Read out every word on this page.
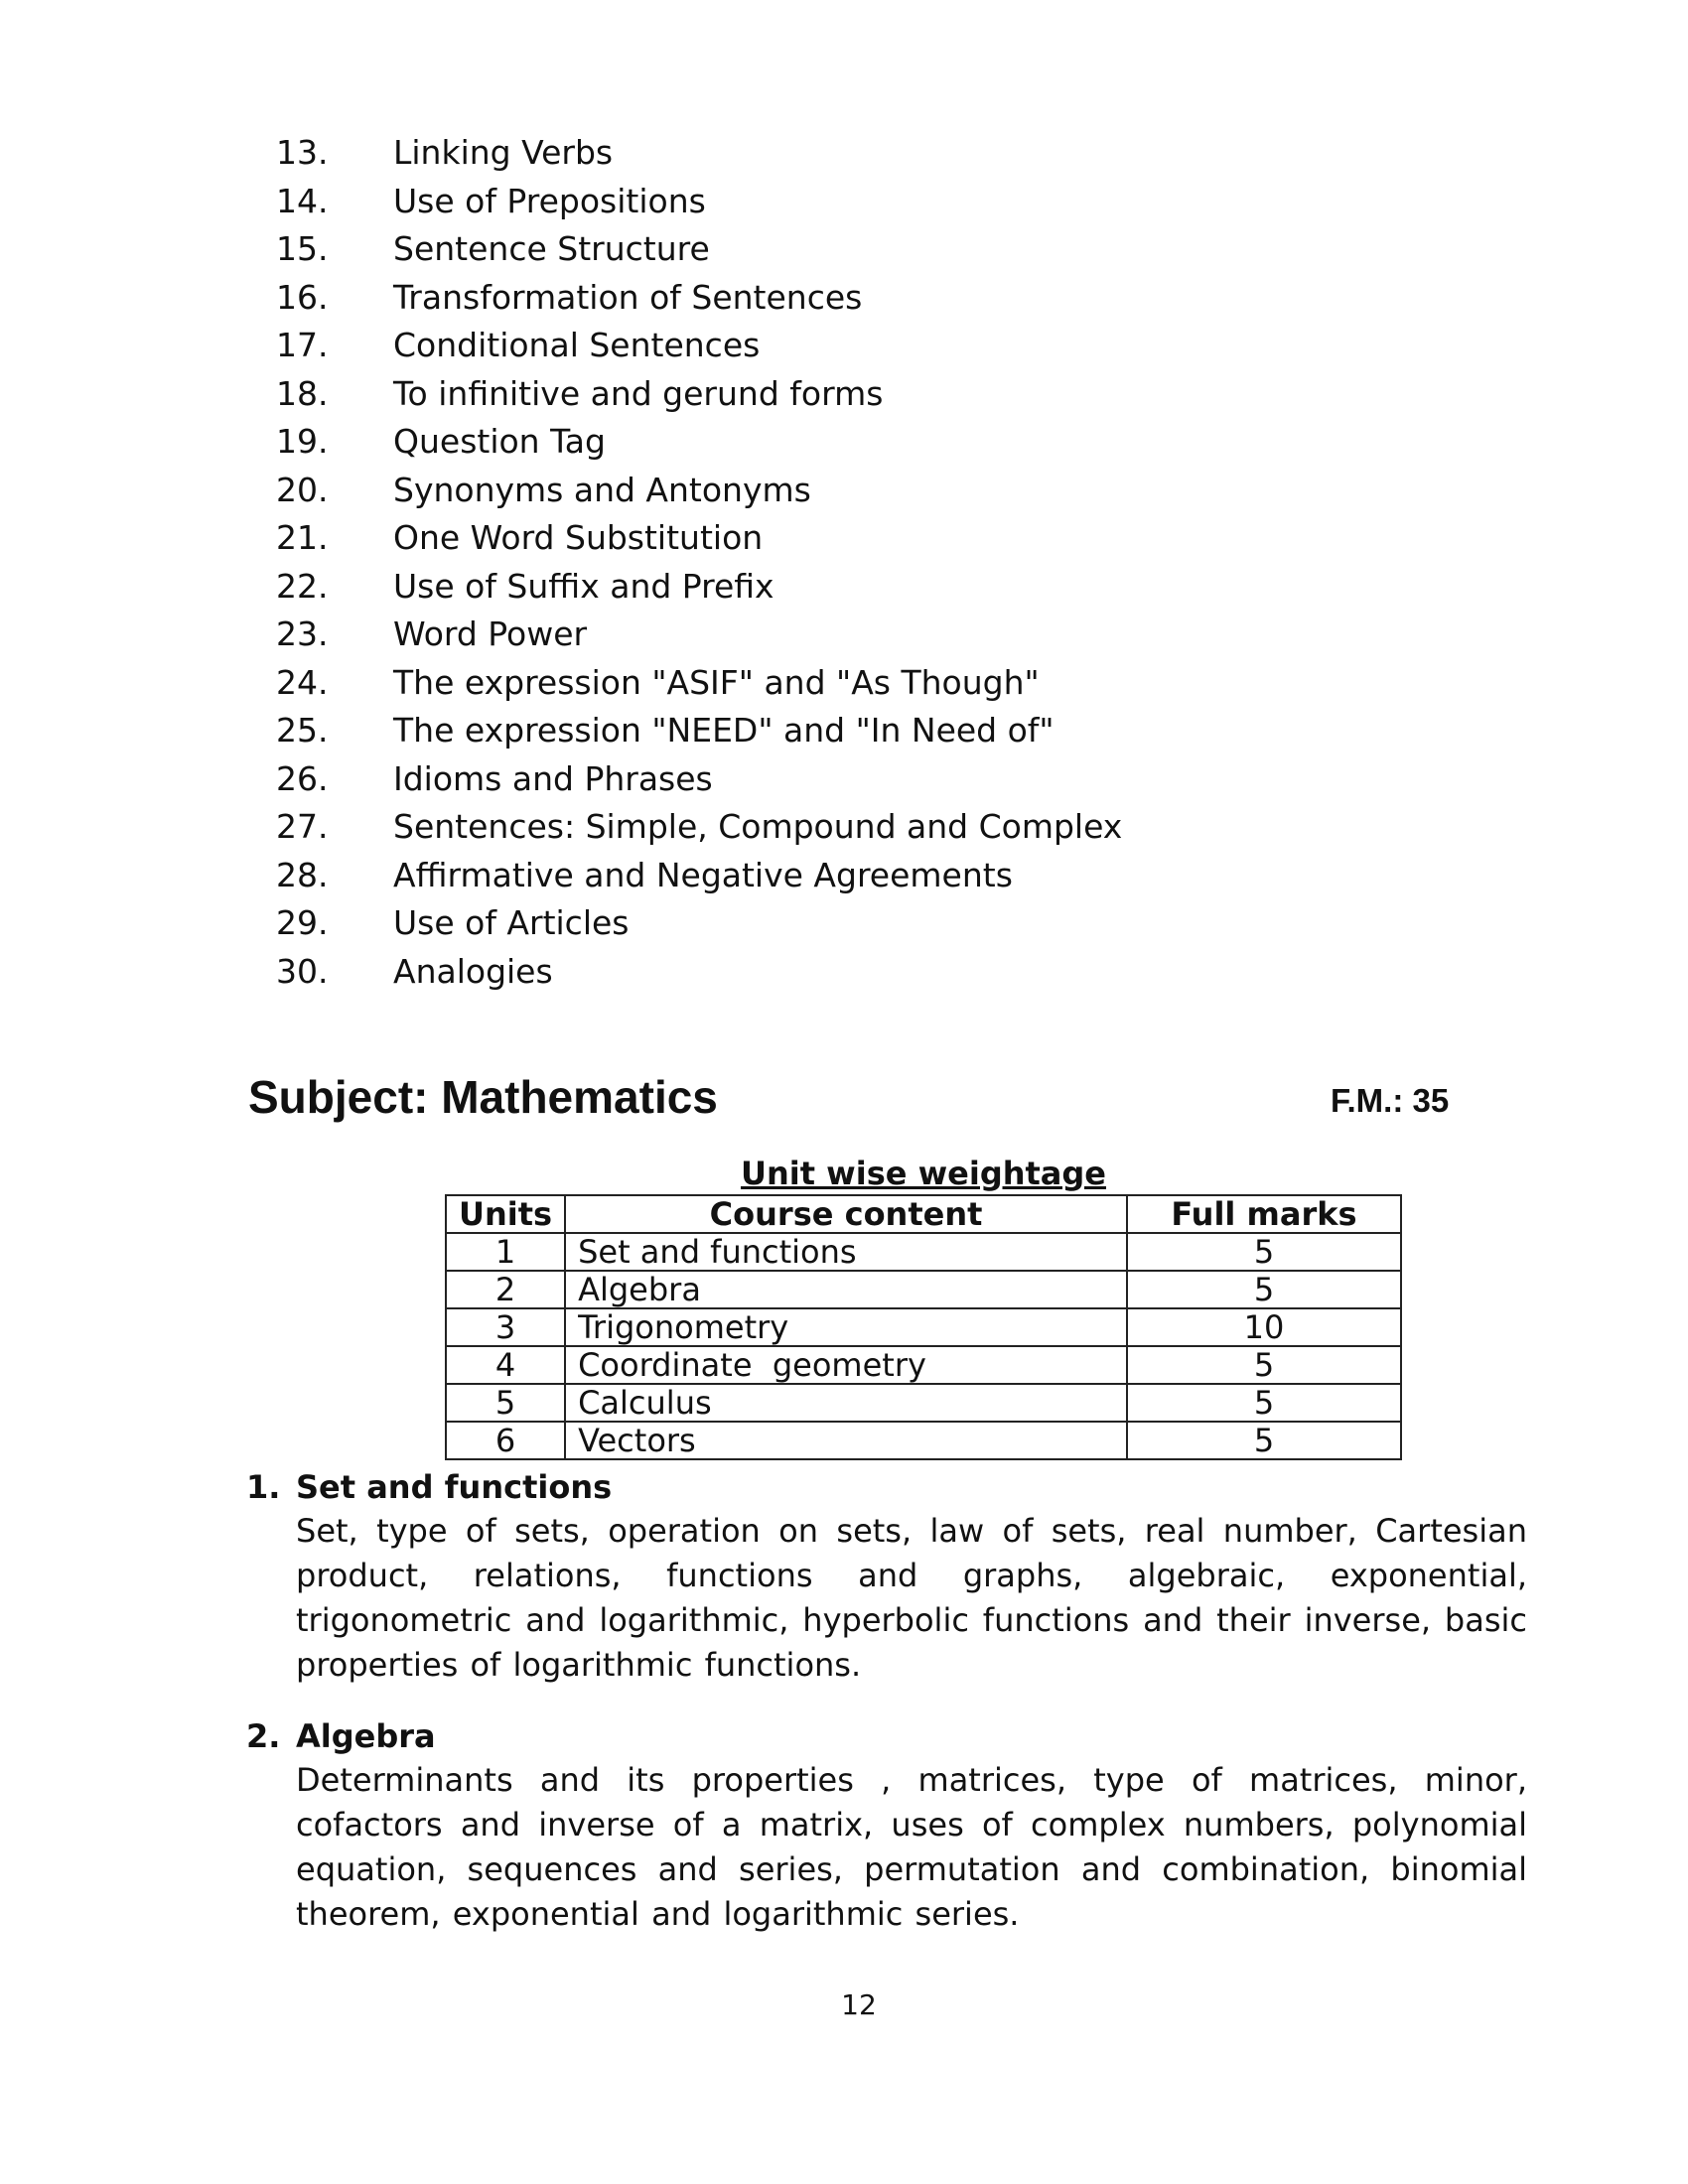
13.	Linking Verbs
14.	Use of Prepositions
15.	Sentence Structure
16.	Transformation of Sentences
17.	Conditional Sentences
18.	To infinitive and gerund forms
19.	Question Tag
20.	Synonyms and Antonyms
21.	One Word Substitution
22.	Use of Suffix and Prefix
23.	Word Power
24.	The expression "ASIF" and "As Though"
25.	The expression "NEED" and "In Need of"
26.	Idioms and Phrases
27.	Sentences: Simple, Compound and Complex
28.	Affirmative and Negative Agreements
29.	Use of Articles
30.	Analogies
Subject: Mathematics	F.M.: 35
Unit wise weightage
Units	Course content	Full marks
1	Set and functions	5
2	Algebra	5
3	Trigonometry	10
4	Coordinate  geometry	5
5	Calculus	5
6	Vectors	5
1. Set and functions
Set, type of sets, operation on sets, law of sets, real number, Cartesian product, relations, functions and graphs, algebraic, exponential, trigonometric and logarithmic, hyperbolic functions and their inverse, basic properties of logarithmic functions.
2. Algebra
Determinants and its properties , matrices, type of matrices, minor, cofactors and inverse of a matrix, uses of complex numbers, polynomial equation, sequences and series, permutation and combination, binomial theorem, exponential and logarithmic series.
12
